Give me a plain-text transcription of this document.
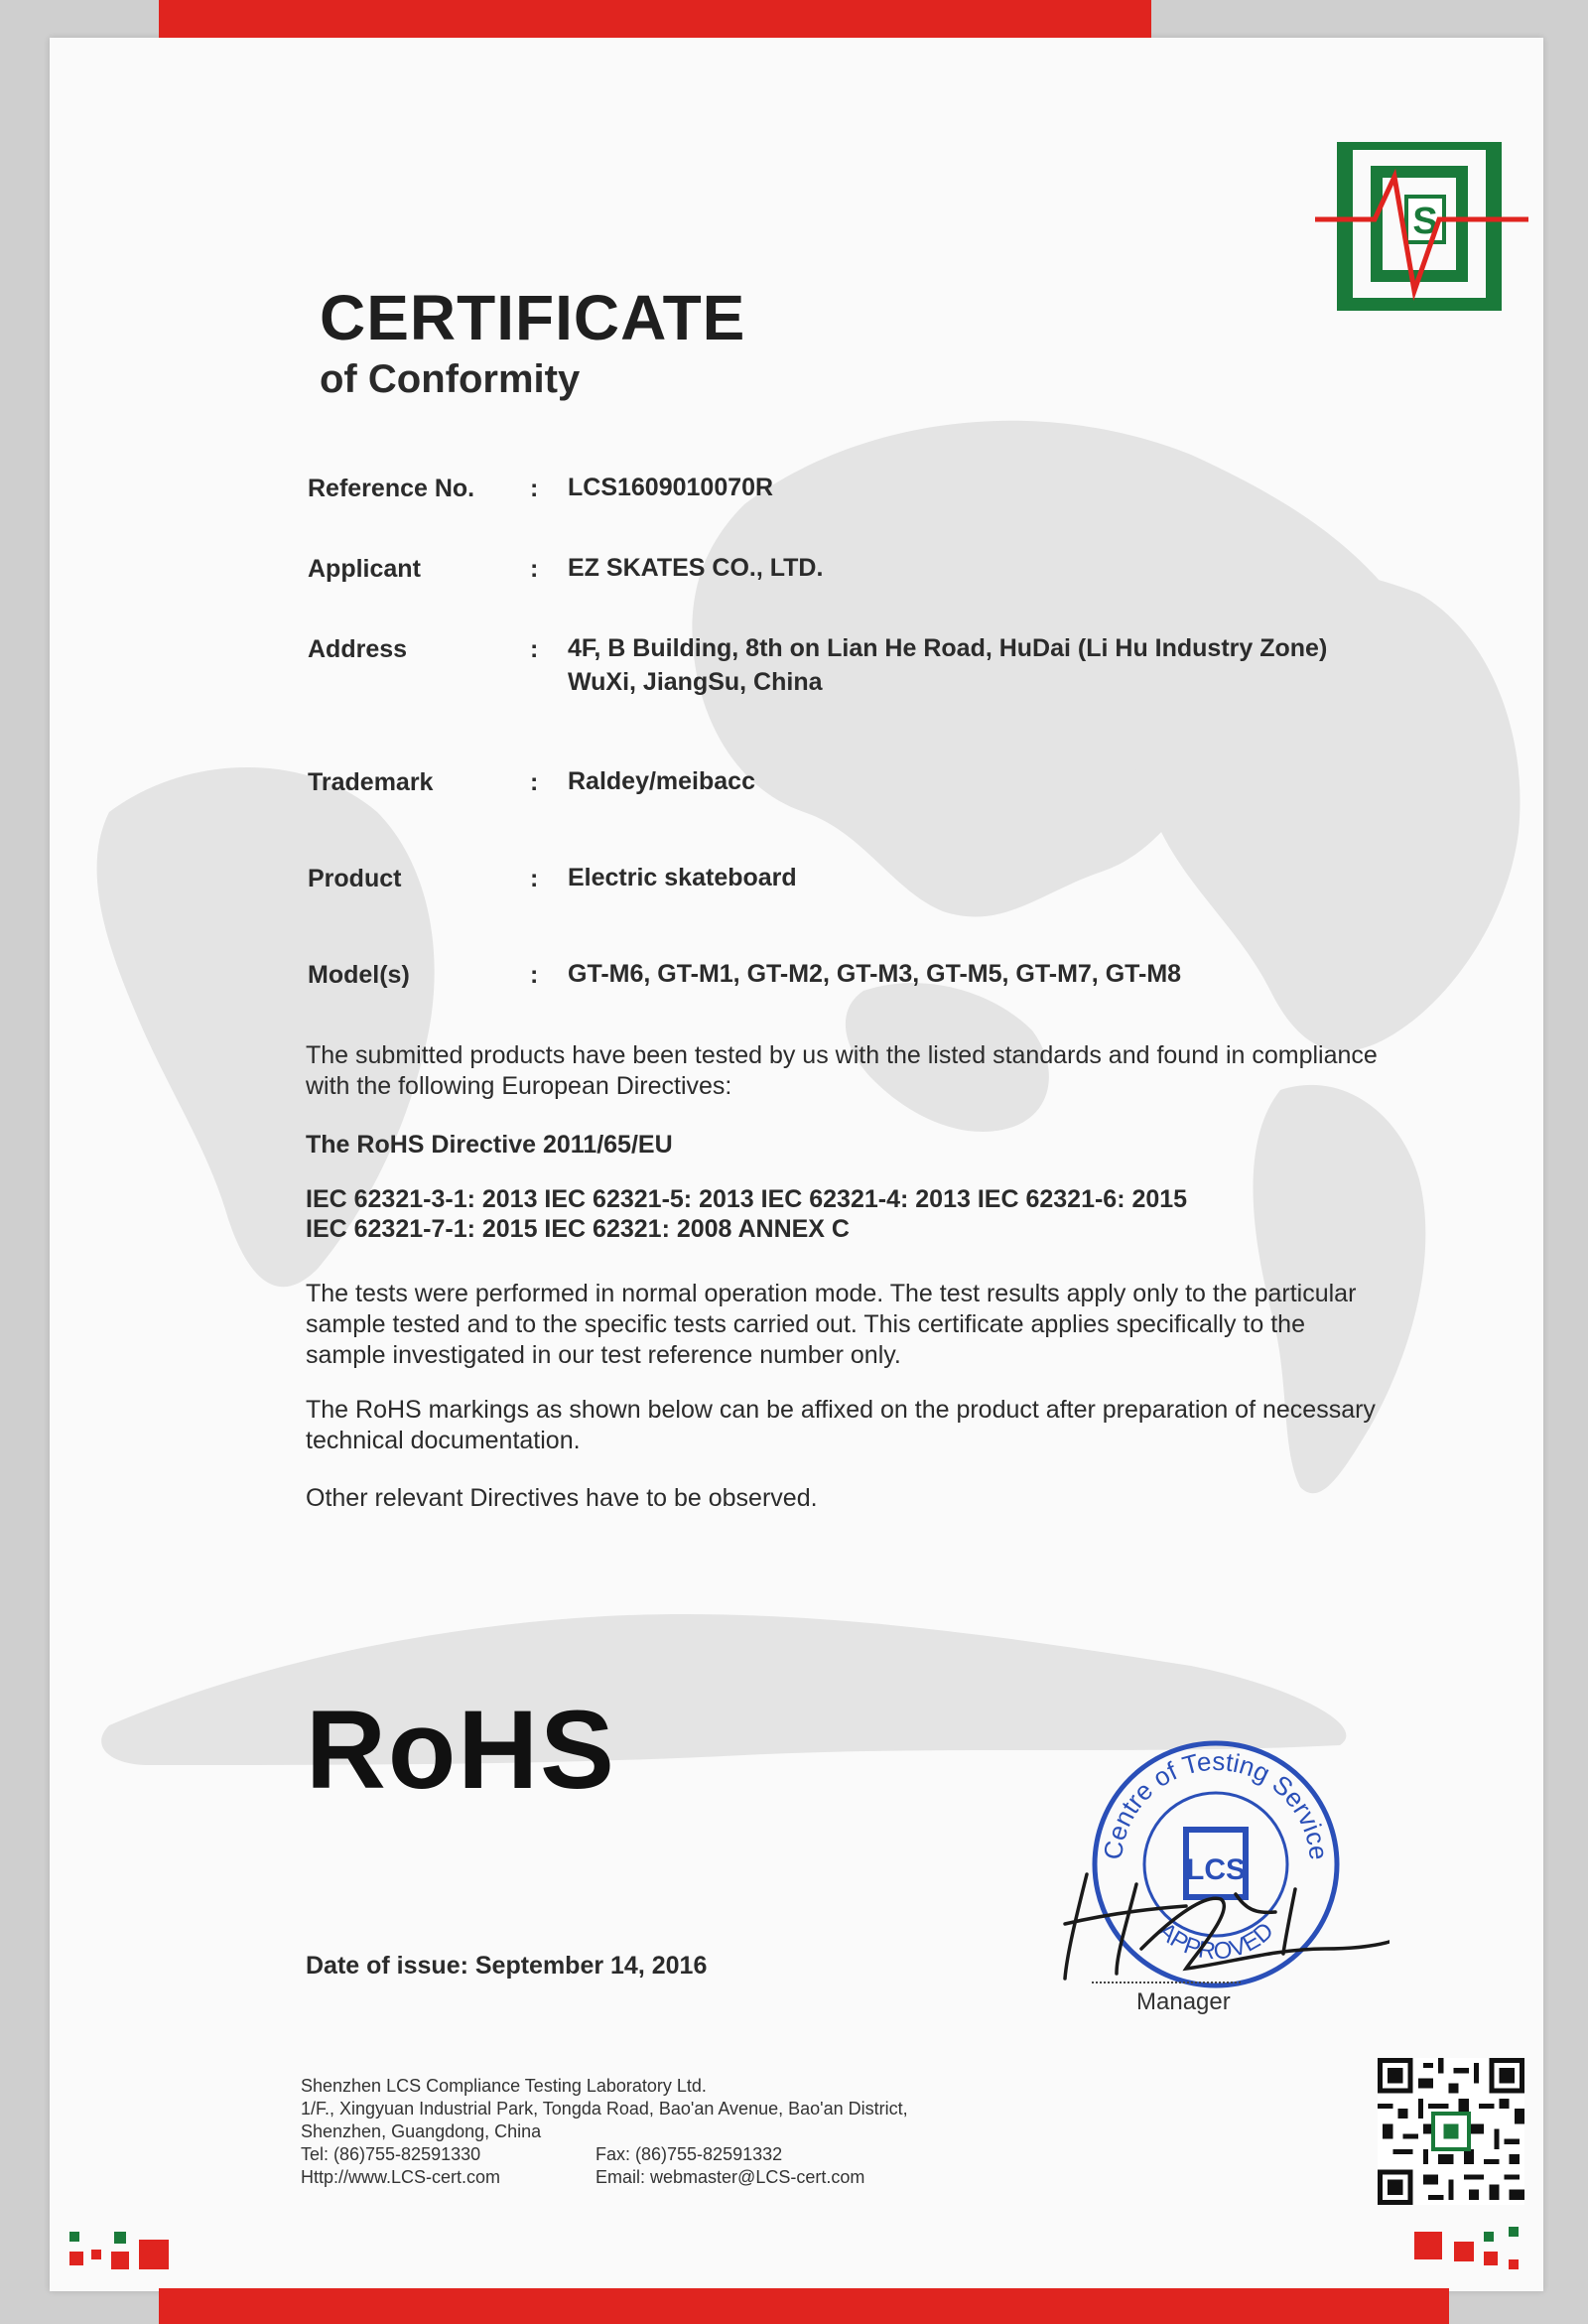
S
CERTIFICATE
of Conformity
Reference No. : LCS1609010070R
Applicant	: EZ SKATES CO., LTD.
Address	: 4F, B Building, 8th on Lian He Road, HuDai (Li Hu Industry Zone)
WuXi, JiangSu, China
Trademark	: Raldey/meibacc
Product	: Electric skateboard
Model(s)	: GT-M6, GT-M1, GT-M2, GT-M3, GT-M5, GT-M7, GT-M8
The submitted products have been tested by us with the listed standards and found in compliance with the following European Directives:
The RoHS Directive 2011/65/EU
IEC 62321-3-1: 2013 IEC 62321-5: 2013 IEC 62321-4: 2013 IEC 62321-6: 2015
IEC 62321-7-1: 2015 IEC 62321: 2008 ANNEX C
The tests were performed in normal operation mode. The test results apply only to the particular sample tested and to the specific tests carried out. This certificate applies specifically to the sample investigated in our test reference number only.
The RoHS markings as shown below can be affixed on the product after preparation of necessary technical documentation.
Other relevant Directives have to be observed.
RoHS
Date of issue: September 14, 2016
Centre of Testing Service
APPROVED
LCS
Manager
Shenzhen LCS Compliance Testing Laboratory Ltd.
1/F., Xingyuan Industrial Park, Tongda Road, Bao'an Avenue, Bao'an District,
Shenzhen, Guangdong, China
Tel: (86)755-82591330	Fax: (86)755-82591332
Http://www.LCS-cert.com	Email: webmaster@LCS-cert.com
